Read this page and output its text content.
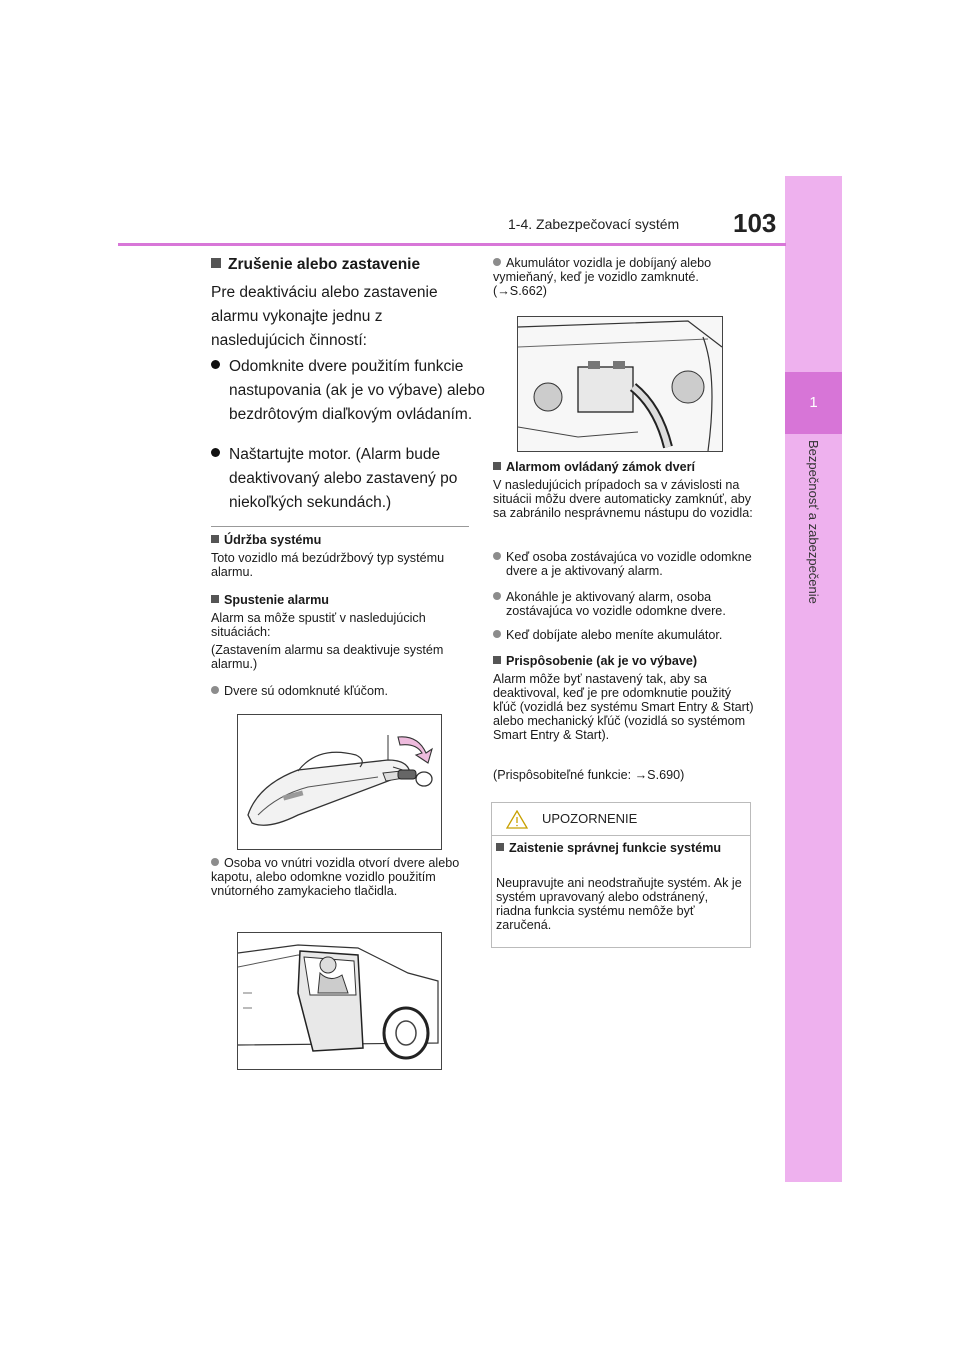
1
Bezpečnosť a zabezpečenie
1-4. Zabezpečovací systém 103
Zrušenie alebo zastavenie
Pre deaktiváciu alebo zastavenie alarmu vykonajte jednu z nasledujúcich činností:
Odomknite dvere použitím funkcie nastupovania (ak je vo výbave) alebo bezdrôtovým diaľkovým ovládaním.
Naštartujte motor. (Alarm bude deaktivovaný alebo zastavený po niekoľkých sekundách.)
Údržba systému
Toto vozidlo má bezúdržbový typ systému alarmu.
Spustenie alarmu
Alarm sa môže spustiť v nasledujúcich situáciách:
(Zastavením alarmu sa deaktivuje systém alarmu.)
Dvere sú odomknuté kľúčom.
Osoba vo vnútri vozidla otvorí dvere alebo kapotu, alebo odomkne vozidlo použitím vnútorného zamykacieho tlačidla.
Akumulátor vozidla je dobíjaný alebo vymieňaný, keď je vozidlo zamknuté. (→S.662)
Alarmom ovládaný zámok dverí
V nasledujúcich prípadoch sa v závislosti na situácii môžu dvere automaticky zamknúť, aby sa zabránilo nesprávnemu nástupu do vozidla:
Keď osoba zostávajúca vo vozidle odomkne dvere a je aktivovaný alarm.
Akonáhle je aktivovaný alarm, osoba zostávajúca vo vozidle odomkne dvere.
Keď dobíjate alebo meníte akumulátor.
Prispôsobenie (ak je vo výbave)
Alarm môže byť nastavený tak, aby sa deaktivoval, keď je pre odomknutie použitý kľúč (vozidlá bez systému Smart Entry & Start) alebo mechanický kľúč (vozidlá so systémom Smart Entry & Start).
(Prispôsobiteľné funkcie: →S.690)
UPOZORNENIE
Zaistenie správnej funkcie systému
Neupravujte ani neodstraňujte systém. Ak je systém upravovaný alebo odstránený, riadna funkcia systému nemôže byť zaručená.
